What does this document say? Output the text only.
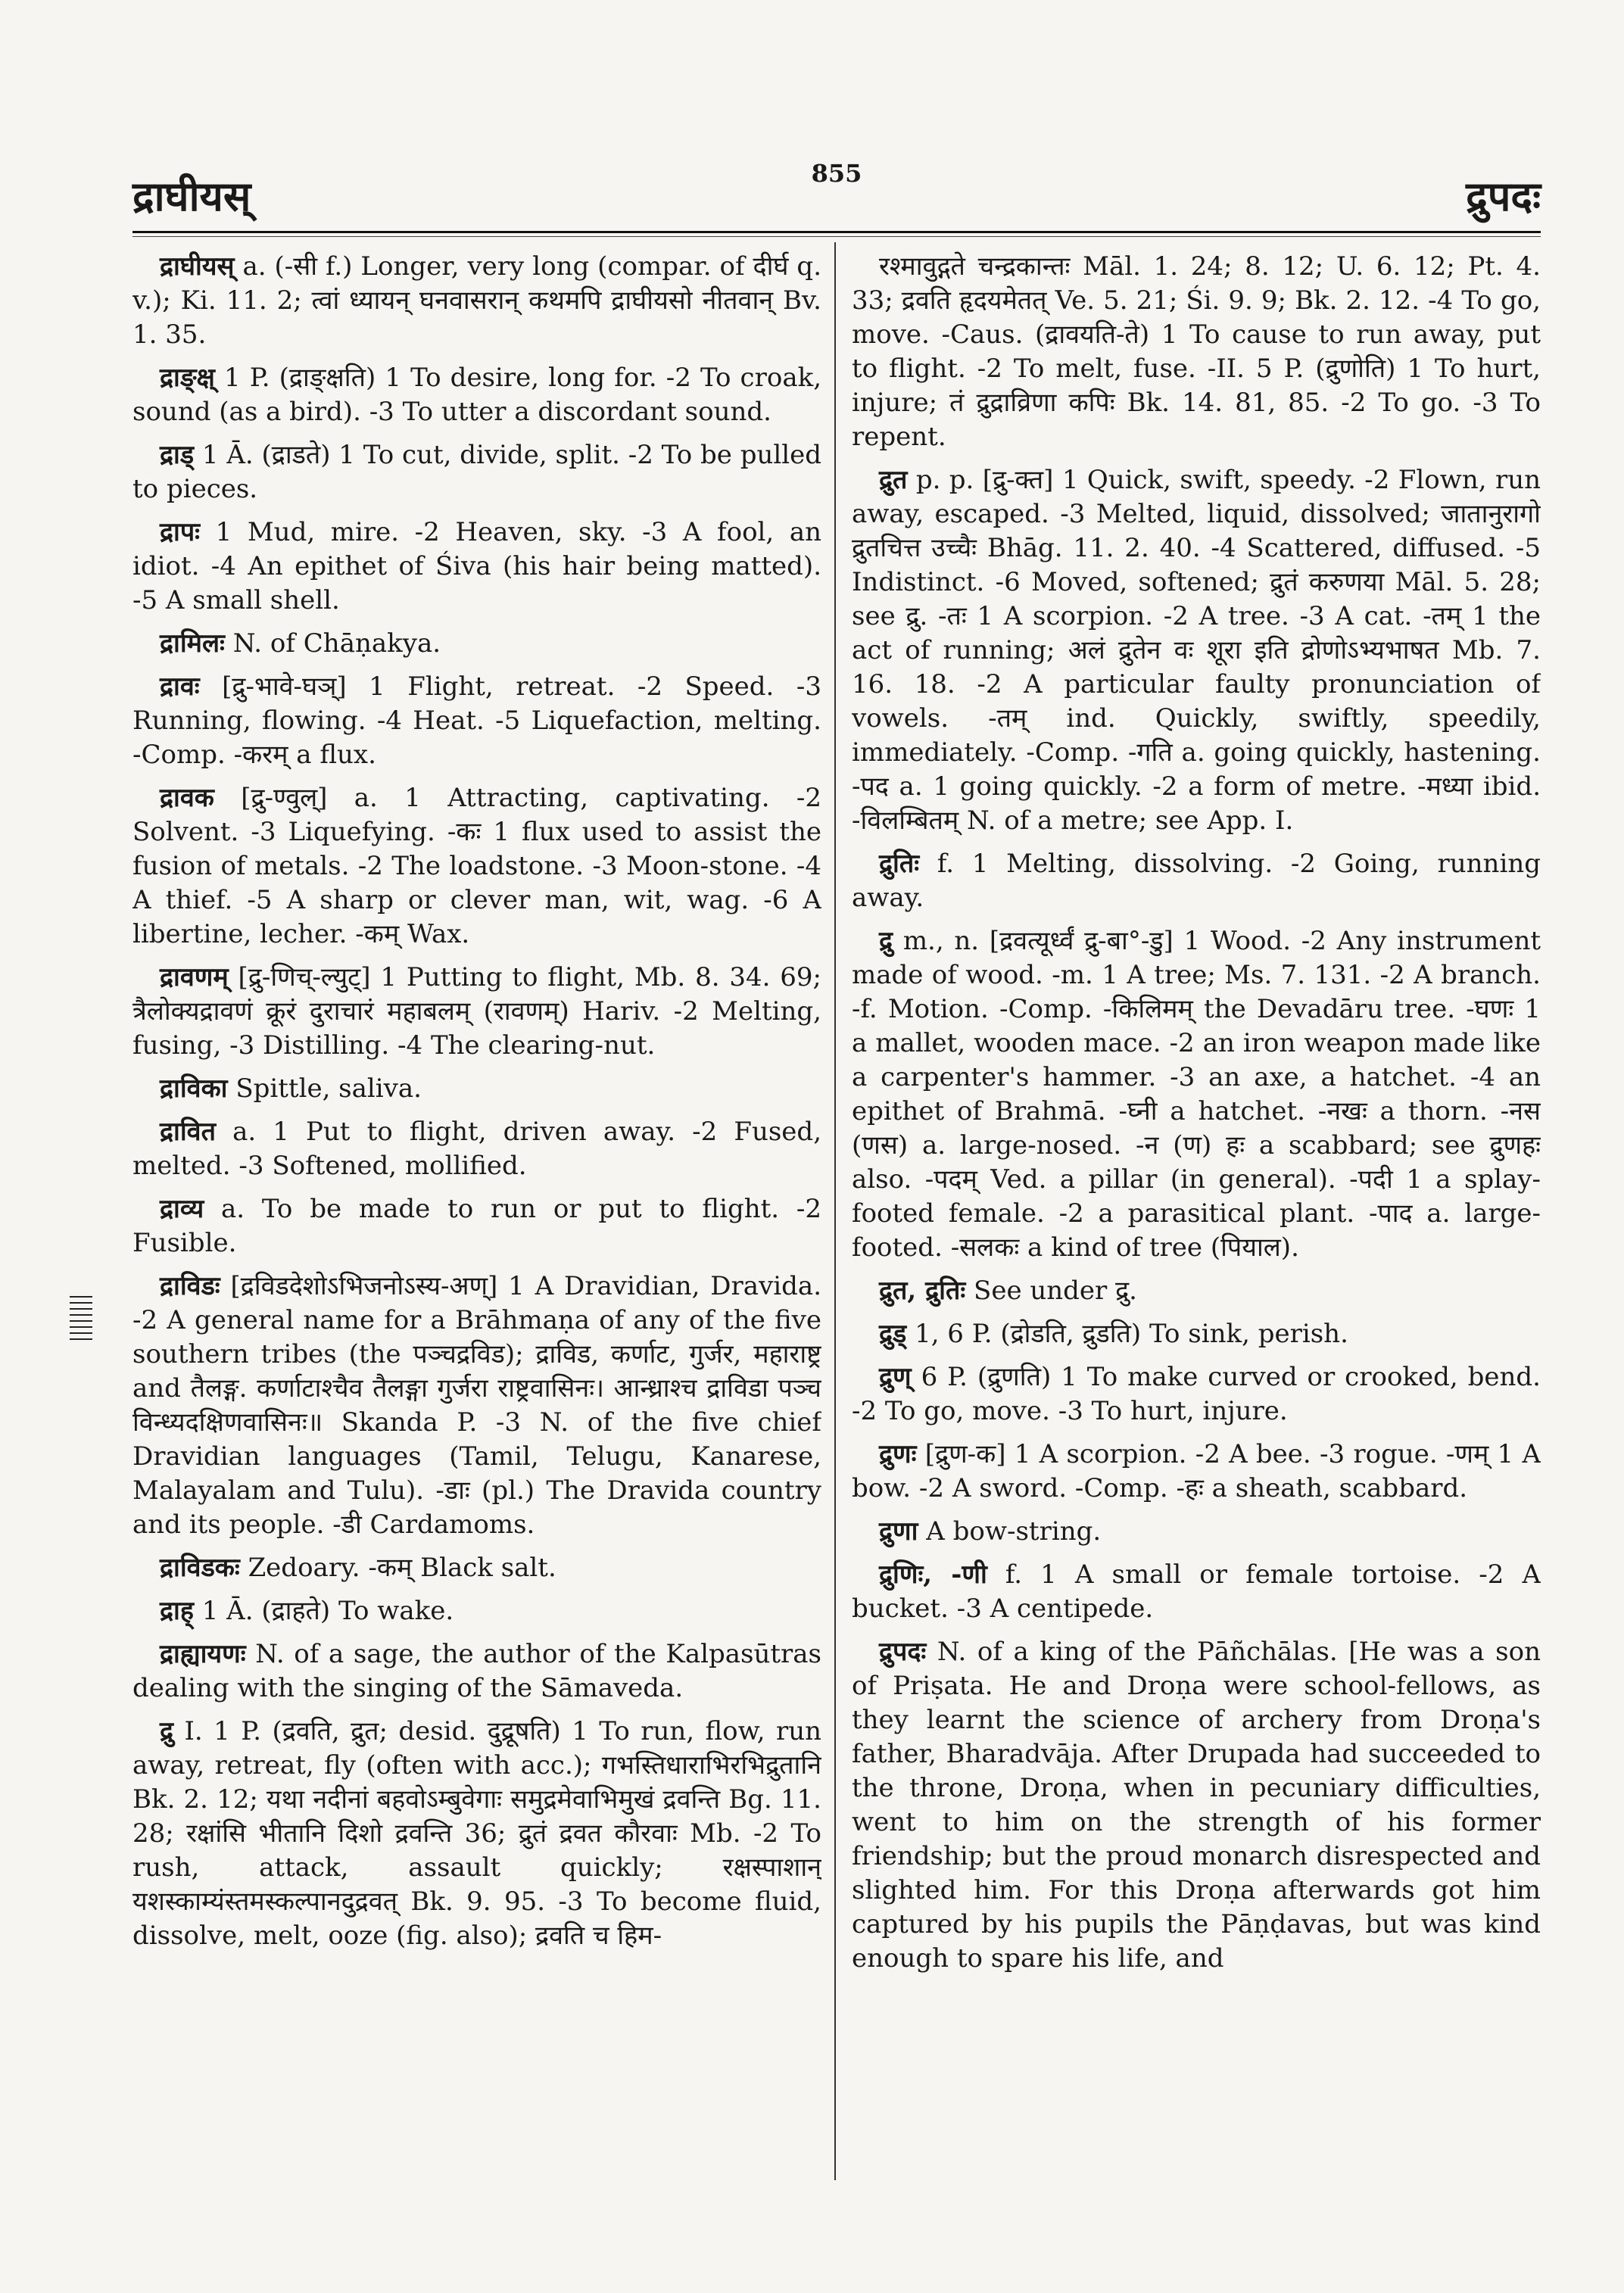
द्राघीयस्	855	द्रुपदः

द्राघीयस् a. (-सी f.) Longer, very long (compar. of दीर्घ q. v.); Ki. 11. 2; त्वां ध्यायन् घनवासरान् कथमपि द्राघीयसो नीतवान् Bv. 1. 35.

द्राङ्क्ष् 1 P. (द्राङ्क्षति) 1 To desire, long for. -2 To croak, sound (as a bird). -3 To utter a discordant sound.

द्राड् 1 Ā. (द्राडते) 1 To cut, divide, split. -2 To be pulled to pieces.

द्रापः 1 Mud, mire. -2 Heaven, sky. -3 A fool, an idiot. -4 An epithet of Śiva (his hair being matted). -5 A small shell.

द्रामिलः N. of Chāṇakya.

द्रावः [द्रु-भावे-घञ्] 1 Flight, retreat. -2 Speed. -3 Running, flowing. -4 Heat. -5 Liquefaction, melting. -Comp. -करम् a flux.

द्रावक [द्रु-ण्वुल्] a. 1 Attracting, captivating. -2 Solvent. -3 Liquefying. -कः 1 flux used to assist the fusion of metals. -2 The loadstone. -3 Moon-stone. -4 A thief. -5 A sharp or clever man, wit, wag. -6 A libertine, lecher. -कम् Wax.

द्रावणम् [द्रु-णिच्-ल्युट्] 1 Putting to flight, Mb. 8. 34. 69; त्रैलोक्यद्रावणं क्रूरं दुराचारं महाबलम् (रावणम्) Hariv. -2 Melting, fusing, -3 Distilling. -4 The clearing-nut.

द्राविका Spittle, saliva.

द्रावित a. 1 Put to flight, driven away. -2 Fused, melted. -3 Softened, mollified.

द्राव्य a. To be made to run or put to flight. -2 Fusible.

द्राविडः [द्रविडदेशोऽभिजनोऽस्य-अण्] 1 A Dravidian, Dravida. -2 A general name for a Brāhmaṇa of any of the five southern tribes (the पञ्चद्रविड); द्राविड, कर्णाट, गुर्जर, महाराष्ट्र and तैलङ्ग. कर्णाटाश्चैव तैलङ्गा गुर्जरा राष्ट्रवासिनः। आन्ध्राश्च द्राविडा पञ्च विन्ध्यदक्षिणवासिनः॥ Skanda P. -3 N. of the five chief Dravidian languages (Tamil, Telugu, Kanarese, Malayalam and Tulu). -डाः (pl.) The Dravida country and its people. -डी Cardamoms.

द्राविडकः Zedoary. -कम् Black salt.

द्राह् 1 Ā. (द्राहते) To wake.

द्राह्यायणः N. of a sage, the author of the Kalpasūtras dealing with the singing of the Sāmaveda.

द्रु I. 1 P. (द्रवति, द्रुत; desid. दुद्रूषति) 1 To run, flow, run away, retreat, fly (often with acc.); गभस्तिधाराभिरभिद्रुतानि Bk. 2. 12; यथा नदीनां बहवोऽम्बुवेगाः समुद्रमेवाभिमुखं द्रवन्ति Bg. 11. 28; रक्षांसि भीतानि दिशो द्रवन्ति 36; द्रुतं द्रवत कौरवाः Mb. -2 To rush, attack, assault quickly; रक्षस्पाशान् यशस्काम्यंस्तमस्कल्पानदुद्रवत् Bk. 9. 95. -3 To become fluid, dissolve, melt, ooze (fig. also); द्रवति च हिम-

रश्मावुद्गते चन्द्रकान्तः Māl. 1. 24; 8. 12; U. 6. 12; Pt. 4. 33; द्रवति हृदयमेतत् Ve. 5. 21; Śi. 9. 9; Bk. 2. 12. -4 To go, move. -Caus. (द्रावयति-ते) 1 To cause to run away, put to flight. -2 To melt, fuse. -II. 5 P. (द्रुणोति) 1 To hurt, injure; तं द्रुद्राव्रिणा कपिः Bk. 14. 81, 85. -2 To go. -3 To repent.

द्रुत p. p. [द्रु-क्त] 1 Quick, swift, speedy. -2 Flown, run away, escaped. -3 Melted, liquid, dissolved; जातानुरागो द्रुतचित्त उच्चैः Bhāg. 11. 2. 40. -4 Scattered, diffused. -5 Indistinct. -6 Moved, softened; द्रुतं करुणया Māl. 5. 28; see द्रु. -तः 1 A scorpion. -2 A tree. -3 A cat. -तम् 1 the act of running; अलं द्रुतेन वः शूरा इति द्रोणोऽभ्यभाषत Mb. 7. 16. 18. -2 A particular faulty pronunciation of vowels. -तम् ind. Quickly, swiftly, speedily, immediately. -Comp. -गति a. going quickly, hastening. -पद a. 1 going quickly. -2 a form of metre. -मध्या ibid. -विलम्बितम् N. of a metre; see App. I.

द्रुतिः f. 1 Melting, dissolving. -2 Going, running away.

द्रु m., n. [द्रवत्यूर्ध्वं द्रु-बा°-डु] 1 Wood. -2 Any instrument made of wood. -m. 1 A tree; Ms. 7. 131. -2 A branch. -f. Motion. -Comp. -किलिमम् the Devadāru tree. -घणः 1 a mallet, wooden mace. -2 an iron weapon made like a carpenter's hammer. -3 an axe, a hatchet. -4 an epithet of Brahmā. -घ्नी a hatchet. -नखः a thorn. -नस (णस) a. large-nosed. -न (ण) हः a scabbard; see द्रुणहः also. -पदम् Ved. a pillar (in general). -पदी 1 a splay-footed female. -2 a parasitical plant. -पाद a. large-footed. -सलकः a kind of tree (पियाल).

द्रुत, द्रुतिः See under द्रु.

द्रुड् 1, 6 P. (द्रोडति, द्रुडति) To sink, perish.

द्रुण् 6 P. (द्रुणति) 1 To make curved or crooked, bend. -2 To go, move. -3 To hurt, injure.

द्रुणः [द्रुण-क] 1 A scorpion. -2 A bee. -3 rogue. -णम् 1 A bow. -2 A sword. -Comp. -हः a sheath, scabbard.

द्रुणा A bow-string.

द्रुणिः, -णी f. 1 A small or female tortoise. -2 A bucket. -3 A centipede.

द्रुपदः N. of a king of the Pāñchālas. [He was a son of Priṣata. He and Droṇa were school-fellows, as they learnt the science of archery from Droṇa's father, Bharadvāja. After Drupada had succeeded to the throne, Droṇa, when in pecuniary difficulties, went to him on the strength of his former friendship; but the proud monarch disrespected and slighted him. For this Droṇa afterwards got him captured by his pupils the Pāṇḍavas, but was kind enough to spare his life, and
